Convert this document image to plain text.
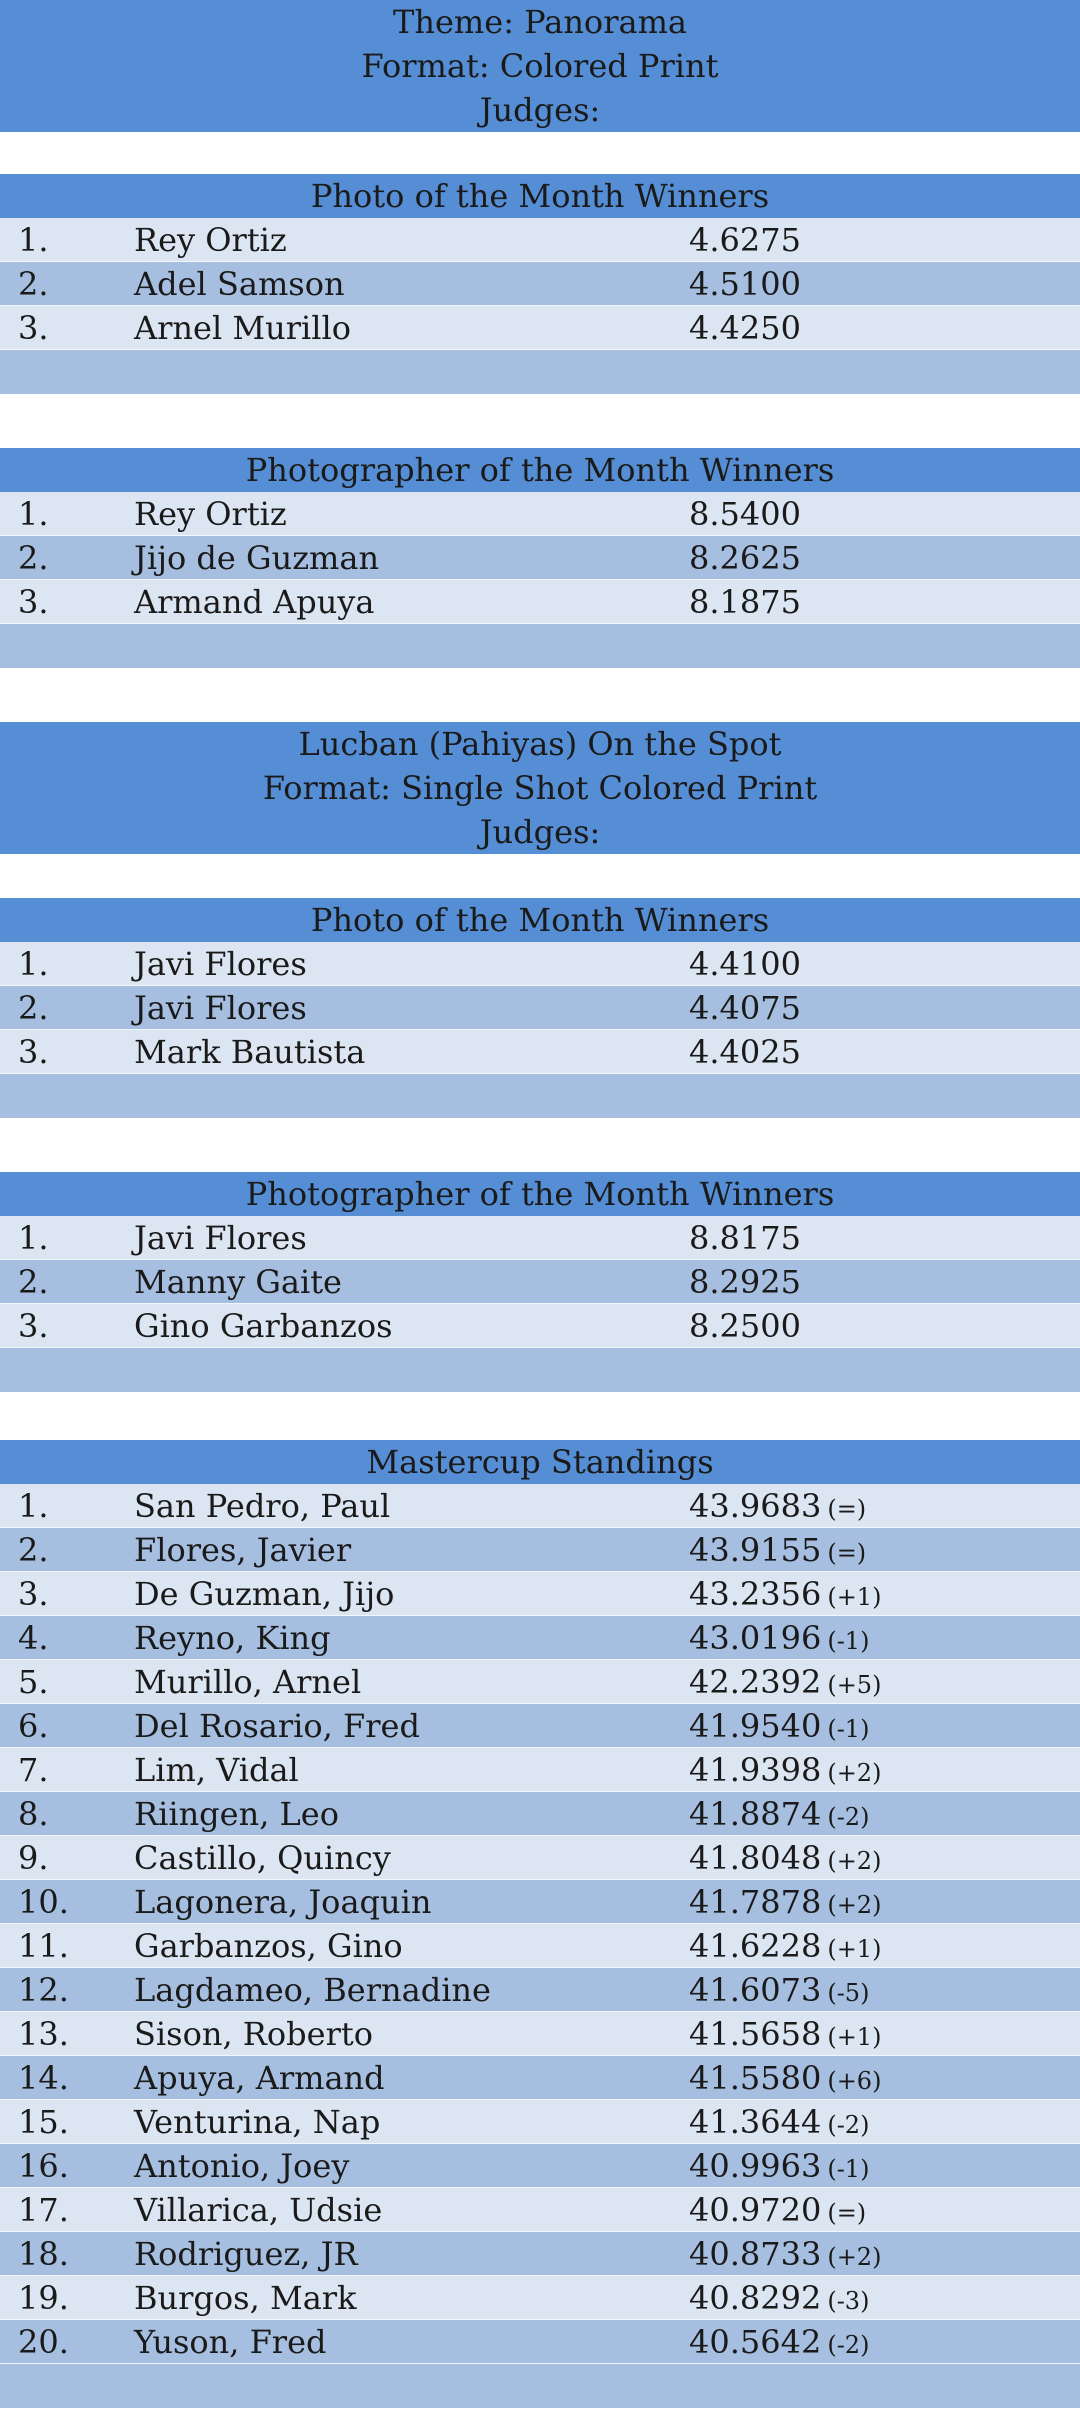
Theme: Panorama
Format: Colored Print
Judges:
Photo of the Month Winners
1.	Rey Ortiz	4.6275
2.	Adel Samson	4.5100
3.	Arnel Murillo	4.4250
Photographer of the Month Winners
1.	Rey Ortiz	8.5400
2.	Jijo de Guzman	8.2625
3.	Armand Apuya	8.1875
Lucban (Pahiyas) On the Spot
Format: Single Shot Colored Print
Judges:
Photo of the Month Winners
1.	Javi Flores	4.4100
2.	Javi Flores	4.4075
3.	Mark Bautista	4.4025
Photographer of the Month Winners
1.	Javi Flores	8.8175
2.	Manny Gaite	8.2925
3.	Gino Garbanzos	8.2500
Mastercup Standings
1.	San Pedro, Paul	43.9683 (=)
2.	Flores, Javier	43.9155 (=)
3.	De Guzman, Jijo	43.2356 (+1)
4.	Reyno, King	43.0196 (-1)
5.	Murillo, Arnel	42.2392 (+5)
6.	Del Rosario, Fred	41.9540 (-1)
7.	Lim, Vidal	41.9398 (+2)
8.	Riingen, Leo	41.8874 (-2)
9.	Castillo, Quincy	41.8048 (+2)
10. Lagonera, Joaquin	41.7878 (+2)
11. Garbanzos, Gino	41.6228 (+1)
12. Lagdameo, Bernadine	41.6073 (-5)
13. Sison, Roberto	41.5658 (+1)
14. Apuya, Armand	41.5580 (+6)
15. Venturina, Nap	41.3644 (-2)
16. Antonio, Joey	40.9963 (-1)
17. Villarica, Udsie	40.9720 (=)
18. Rodriguez, JR	40.8733 (+2)
19. Burgos, Mark	40.8292 (-3)
20. Yuson, Fred	40.5642 (-2)
